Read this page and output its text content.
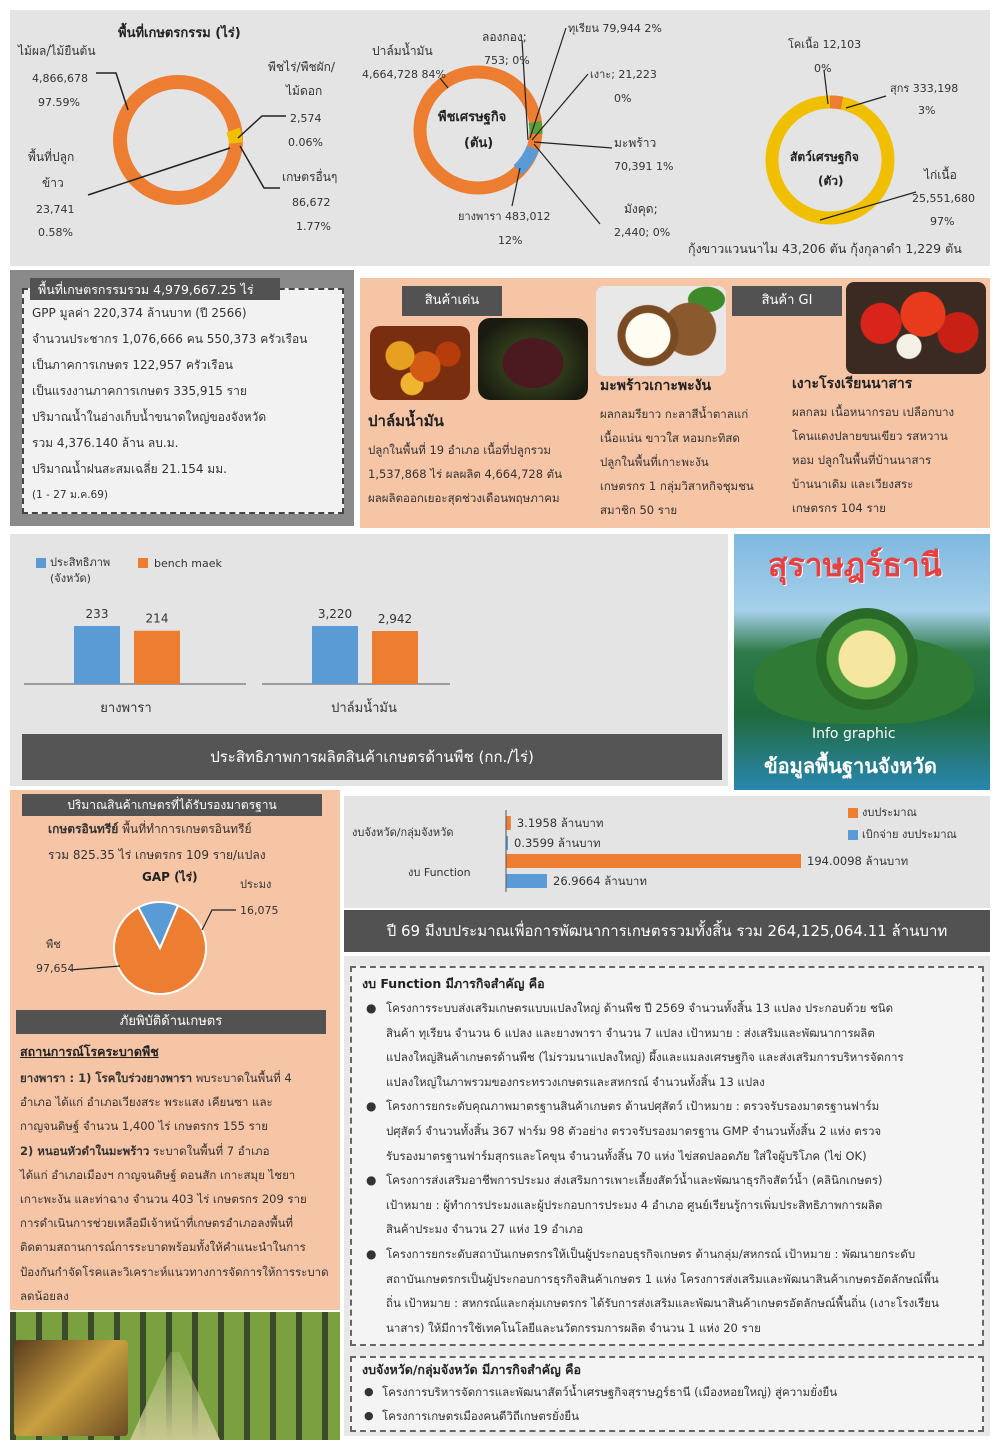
พื้นที่เกษตรกรรม (ไร่)
ไม้ผล/ไม้ยืนต้น
4,866,678
97.59%
พื้นที่ปลูก
ข้าว
23,741
0.58%
พืชไร่/พืชผัก/
ไม้ดอก
2,574
0.06%
เกษตรอื่นๆ
86,672
1.77%
พืชเศรษฐกิจ
(ตัน)
ปาล์มน้ำมัน
4,664,728 84%
ลองกอง;
753; 0%
ทุเรียน 79,944 2%
เงาะ; 21,223
0%
มะพร้าว
70,391 1%
มังคุด;
2,440; 0%
ยางพารา 483,012
12%
สัตว์เศรษฐกิจ
(ตัว)
โคเนื้อ 12,103
0%
สุกร 333,198
3%
ไก่เนื้อ
25,551,680
97%
กุ้งขาวแวนนาไม 43,206 ตัน กุ้งกุลาดำ 1,229 ตัน
พื้นที่เกษตรกรรมรวม 4,979,667.25 ไร่
GPP มูลค่า 220,374 ล้านบาท (ปี 2566)
จำนวนประชากร 1,076,666 คน 550,373 ครัวเรือน
เป็นภาคการเกษตร 122,957 ครัวเรือน
เป็นแรงงานภาคการเกษตร 335,915 ราย
ปริมาณน้ำในอ่างเก็บน้ำขนาดใหญ่ของจังหวัด
รวม 4,376.140 ล้าน ลบ.ม.
ปริมาณน้ำฝนสะสมเฉลี่ย 21.154 มม.
(1 - 27 ม.ค.69)
สินค้าเด่น	สินค้า GI
ปาล์มน้ำมัน
ปลูกในพื้นที่ 19 อำเภอ เนื้อที่ปลูกรวม
1,537,868 ไร่ ผลผลิต 4,664,728 ตัน
ผลผลิตออกเยอะสุดช่วงเดือนพฤษภาคม
มะพร้าวเกาะพะงัน
ผลกลมรียาว กะลาสีน้ำตาลแก่
เนื้อแน่น ขาวใส หอมกะทิสด
ปลูกในพื้นที่เกาะพะงัน
เกษตรกร 1 กลุ่มวิสาหกิจชุมชน
สมาชิก 50 ราย
เงาะโรงเรียนนาสาร
ผลกลม เนื้อหนากรอบ เปลือกบาง
โคนแดงปลายขนเขียว รสหวาน
หอม ปลูกในพื้นที่บ้านนาสาร
บ้านนาเดิม และเวียงสระ
เกษตรกร 104 ราย
ประสิทธิภาพ
(จังหวัด)
bench maek
233	214
ยางพารา
3,220 2,942
ปาล์มน้ำมัน
ประสิทธิภาพการผลิตสินค้าเกษตรด้านพืช (กก./ไร่)
สุราษฎร์ธานี
Info graphic
ข้อมูลพื้นฐานจังหวัด
ปริมาณสินค้าเกษตรที่ได้รับรองมาตรฐาน
เกษตรอินทรีย์ พื้นที่ทำการเกษตรอินทรีย์
รวม 825.35 ไร่ เกษตรกร 109 ราย/แปลง
GAP (ไร่)
ประมง
16,075
พืช
97,654
งบจังหวัด/กลุ่มจังหวัด
งบ Function
งบประมาณ
เบิกจ่าย งบประมาณ
3.1958 ล้านบาท
0.3599 ล้านบาท
194.0098 ล้านบาท
26.9664 ล้านบาท
ปี 69 มีงบประมาณเพื่อการพัฒนาการเกษตรรวมทั้งสิ้น รวม 264,125,064.11 ล้านบาท
งบ Function มีภารกิจสำคัญ คือ
● โครงการระบบส่งเสริมเกษตรแบบแปลงใหญ่ ด้านพืช ปี 2569 จำนวนทั้งสิ้น 13 แปลง ประกอบด้วย ชนิด
สินค้า ทุเรียน จำนวน 6 แปลง และยางพารา จำนวน 7 แปลง เป้าหมาย : ส่งเสริมและพัฒนาการผลิต
แปลงใหญ่สินค้าเกษตรด้านพืช (ไม่รวมนาแปลงใหญ่) ผึ้งและแมลงเศรษฐกิจ และส่งเสริมการบริหารจัดการ
แปลงใหญ่ในภาพรวมของกระทรวงเกษตรและสหกรณ์ จำนวนทั้งสิ้น 13 แปลง
● โครงการยกระดับคุณภาพมาตรฐานสินค้าเกษตร ด้านปศุสัตว์ เป้าหมาย : ตรวจรับรองมาตรฐานฟาร์ม
ปศุสัตว์ จำนวนทั้งสิ้น 367 ฟาร์ม 98 ตัวอย่าง ตรวจรับรองมาตรฐาน GMP จำนวนทั้งสิ้น 2 แห่ง ตรวจ
รับรองมาตรฐานฟาร์มสุกรและโคขุน จำนวนทั้งสิ้น 70 แห่ง ไข่สดปลอดภัย ใส่ใจผู้บริโภค (ไข่ OK)
● โครงการส่งเสริมอาชีพการประมง ส่งเสริมการเพาะเลี้ยงสัตว์น้ำและพัฒนาธุรกิจสัตว์น้ำ (คลินิกเกษตร)
เป้าหมาย : ผู้ทำการประมงและผู้ประกอบการประมง 4 อำเภอ ศูนย์เรียนรู้การเพิ่มประสิทธิภาพการผลิต
สินค้าประมง จำนวน 27 แห่ง 19 อำเภอ
● โครงการยกระดับสถาบันเกษตรกรให้เป็นผู้ประกอบธุรกิจเกษตร ด้านกลุ่ม/สหกรณ์ เป้าหมาย : พัฒนายกระดับ
สถาบันเกษตรกรเป็นผู้ประกอบการธุรกิจสินค้าเกษตร 1 แห่ง โครงการส่งเสริมและพัฒนาสินค้าเกษตรอัตลักษณ์พื้น
ถิ่น เป้าหมาย : สหกรณ์และกลุ่มเกษตรกร ได้รับการส่งเสริมและพัฒนาสินค้าเกษตรอัตลักษณ์พื้นถิ่น (เงาะโรงเรียน
นาสาร) ให้มีการใช้เทคโนโลยีและนวัตกรรมการผลิต จำนวน 1 แห่ง 20 ราย
งบจังหวัด/กลุ่มจังหวัด มีภารกิจสำคัญ คือ
● โครงการบริหารจัดการและพัฒนาสัตว์น้ำเศรษฐกิจสุราษฎร์ธานี (เมืองหอยใหญ่) สู่ความยั่งยืน
● โครงการเกษตรเมืองคนดีวิถีเกษตรยั่งยืน
ภัยพิบัติด้านเกษตร
สถานการณ์โรคระบาดพืช
ยางพารา : 1) โรคใบร่วงยางพารา พบระบาดในพื้นที่ 4
อำเภอ ได้แก่ อำเภอเวียงสระ พระแสง เคียนซา และ
กาญจนดิษฐ์ จำนวน 1,400 ไร่ เกษตรกร 155 ราย
2) หนอนหัวดำในมะพร้าว ระบาดในพื้นที่ 7 อำเภอ
ได้แก่ อำเภอเมืองฯ กาญจนดิษฐ์ ดอนสัก เกาะสมุย ไชยา
เกาะพะงัน และท่าฉาง จำนวน 403 ไร่ เกษตรกร 209 ราย
การดำเนินการช่วยเหลือมีเจ้าหน้าที่เกษตรอำเภอลงพื้นที่
ติดตามสถานการณ์การระบาดพร้อมทั้งให้คำแนะนำในการ
ป้องกันกำจัดโรคและวิเคราะห์แนวทางการจัดการให้การระบาด
ลดน้อยลง
